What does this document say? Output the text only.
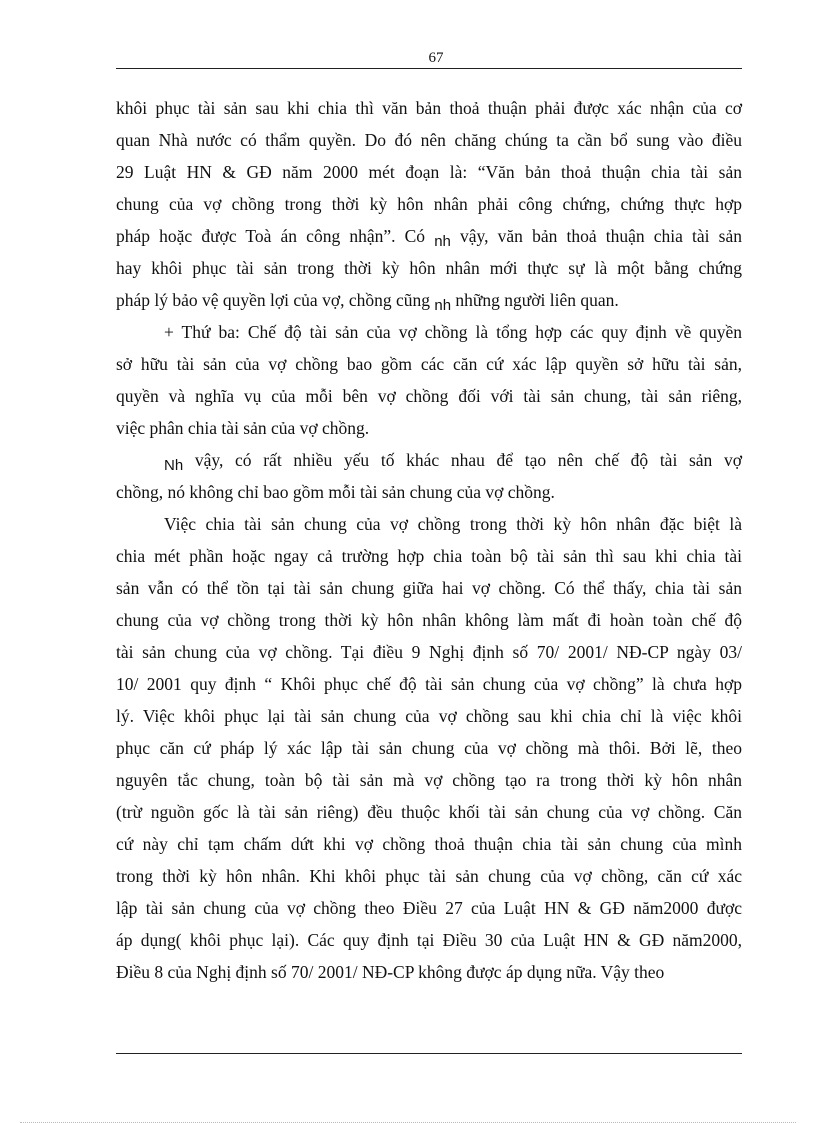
67
khôi phục tài sản sau khi chia thì văn bản thoả thuận phải được xác nhận của cơ
quan Nhà nước có thẩm quyền. Do đó nên chăng chúng ta cần bổ sung vào điều
29 Luật HN & GĐ năm 2000 mét đoạn là: “Văn bản thoả thuận chia tài sản
chung của vợ chồng trong thời kỳ hôn nhân phải công chứng, chứng thực hợp
pháp hoặc được Toà án công nhận”. Có nh vậy, văn bản thoả thuận chia tài sản
hay khôi phục tài sản trong thời kỳ hôn nhân mới thực sự là một bằng chứng
pháp lý bảo vệ quyền lợi của vợ, chồng cũng nh những người liên quan.
+ Thứ ba: Chế độ tài sản của vợ chồng là tổng hợp các quy định về quyền
sở hữu tài sản của vợ chồng bao gồm các căn cứ xác lập quyền sở hữu tài sản,
quyền và nghĩa vụ của mỗi bên vợ chồng đối với tài sản chung, tài sản riêng,
việc phân chia tài sản của vợ chồng.
Nh vậy, có rất nhiều yếu tố khác nhau để tạo nên chế độ tài sản vợ
chồng, nó không chỉ bao gồm mỗi tài sản chung của vợ chồng.
Việc chia tài sản chung của vợ chồng trong thời kỳ hôn nhân đặc biệt là
chia mét phần hoặc ngay cả trường hợp chia toàn bộ tài sản thì sau khi chia tài
sản vẫn có thể tồn tại tài sản chung giữa hai vợ chồng. Có thể thấy, chia tài sản
chung của vợ chồng trong thời kỳ hôn nhân không làm mất đi hoàn toàn chế độ
tài sản chung của vợ chồng. Tại điều 9 Nghị định số 70/ 2001/ NĐ-CP ngày 03/
10/ 2001 quy định “ Khôi phục chế độ tài sản chung của vợ chồng” là chưa hợp
lý. Việc khôi phục lại tài sản chung của vợ chồng sau khi chia chỉ là việc khôi
phục căn cứ pháp lý xác lập tài sản chung của vợ chồng mà thôi. Bởi lẽ, theo
nguyên tắc chung, toàn bộ tài sản mà vợ chồng tạo ra trong thời kỳ hôn nhân
(trừ nguồn gốc là tài sản riêng) đều thuộc khối tài sản chung của vợ chồng. Căn
cứ này chỉ tạm chấm dứt khi vợ chồng thoả thuận chia tài sản chung của mình
trong thời kỳ hôn nhân. Khi khôi phục tài sản chung của vợ chồng, căn cứ xác
lập tài sản chung của vợ chồng theo Điều 27 của Luật HN & GĐ năm2000 được
áp dụng( khôi phục lại). Các quy định tại Điều 30 của Luật HN & GĐ năm2000,
Điều 8 của Nghị định số 70/ 2001/ NĐ-CP không được áp dụng nữa. Vậy theo
